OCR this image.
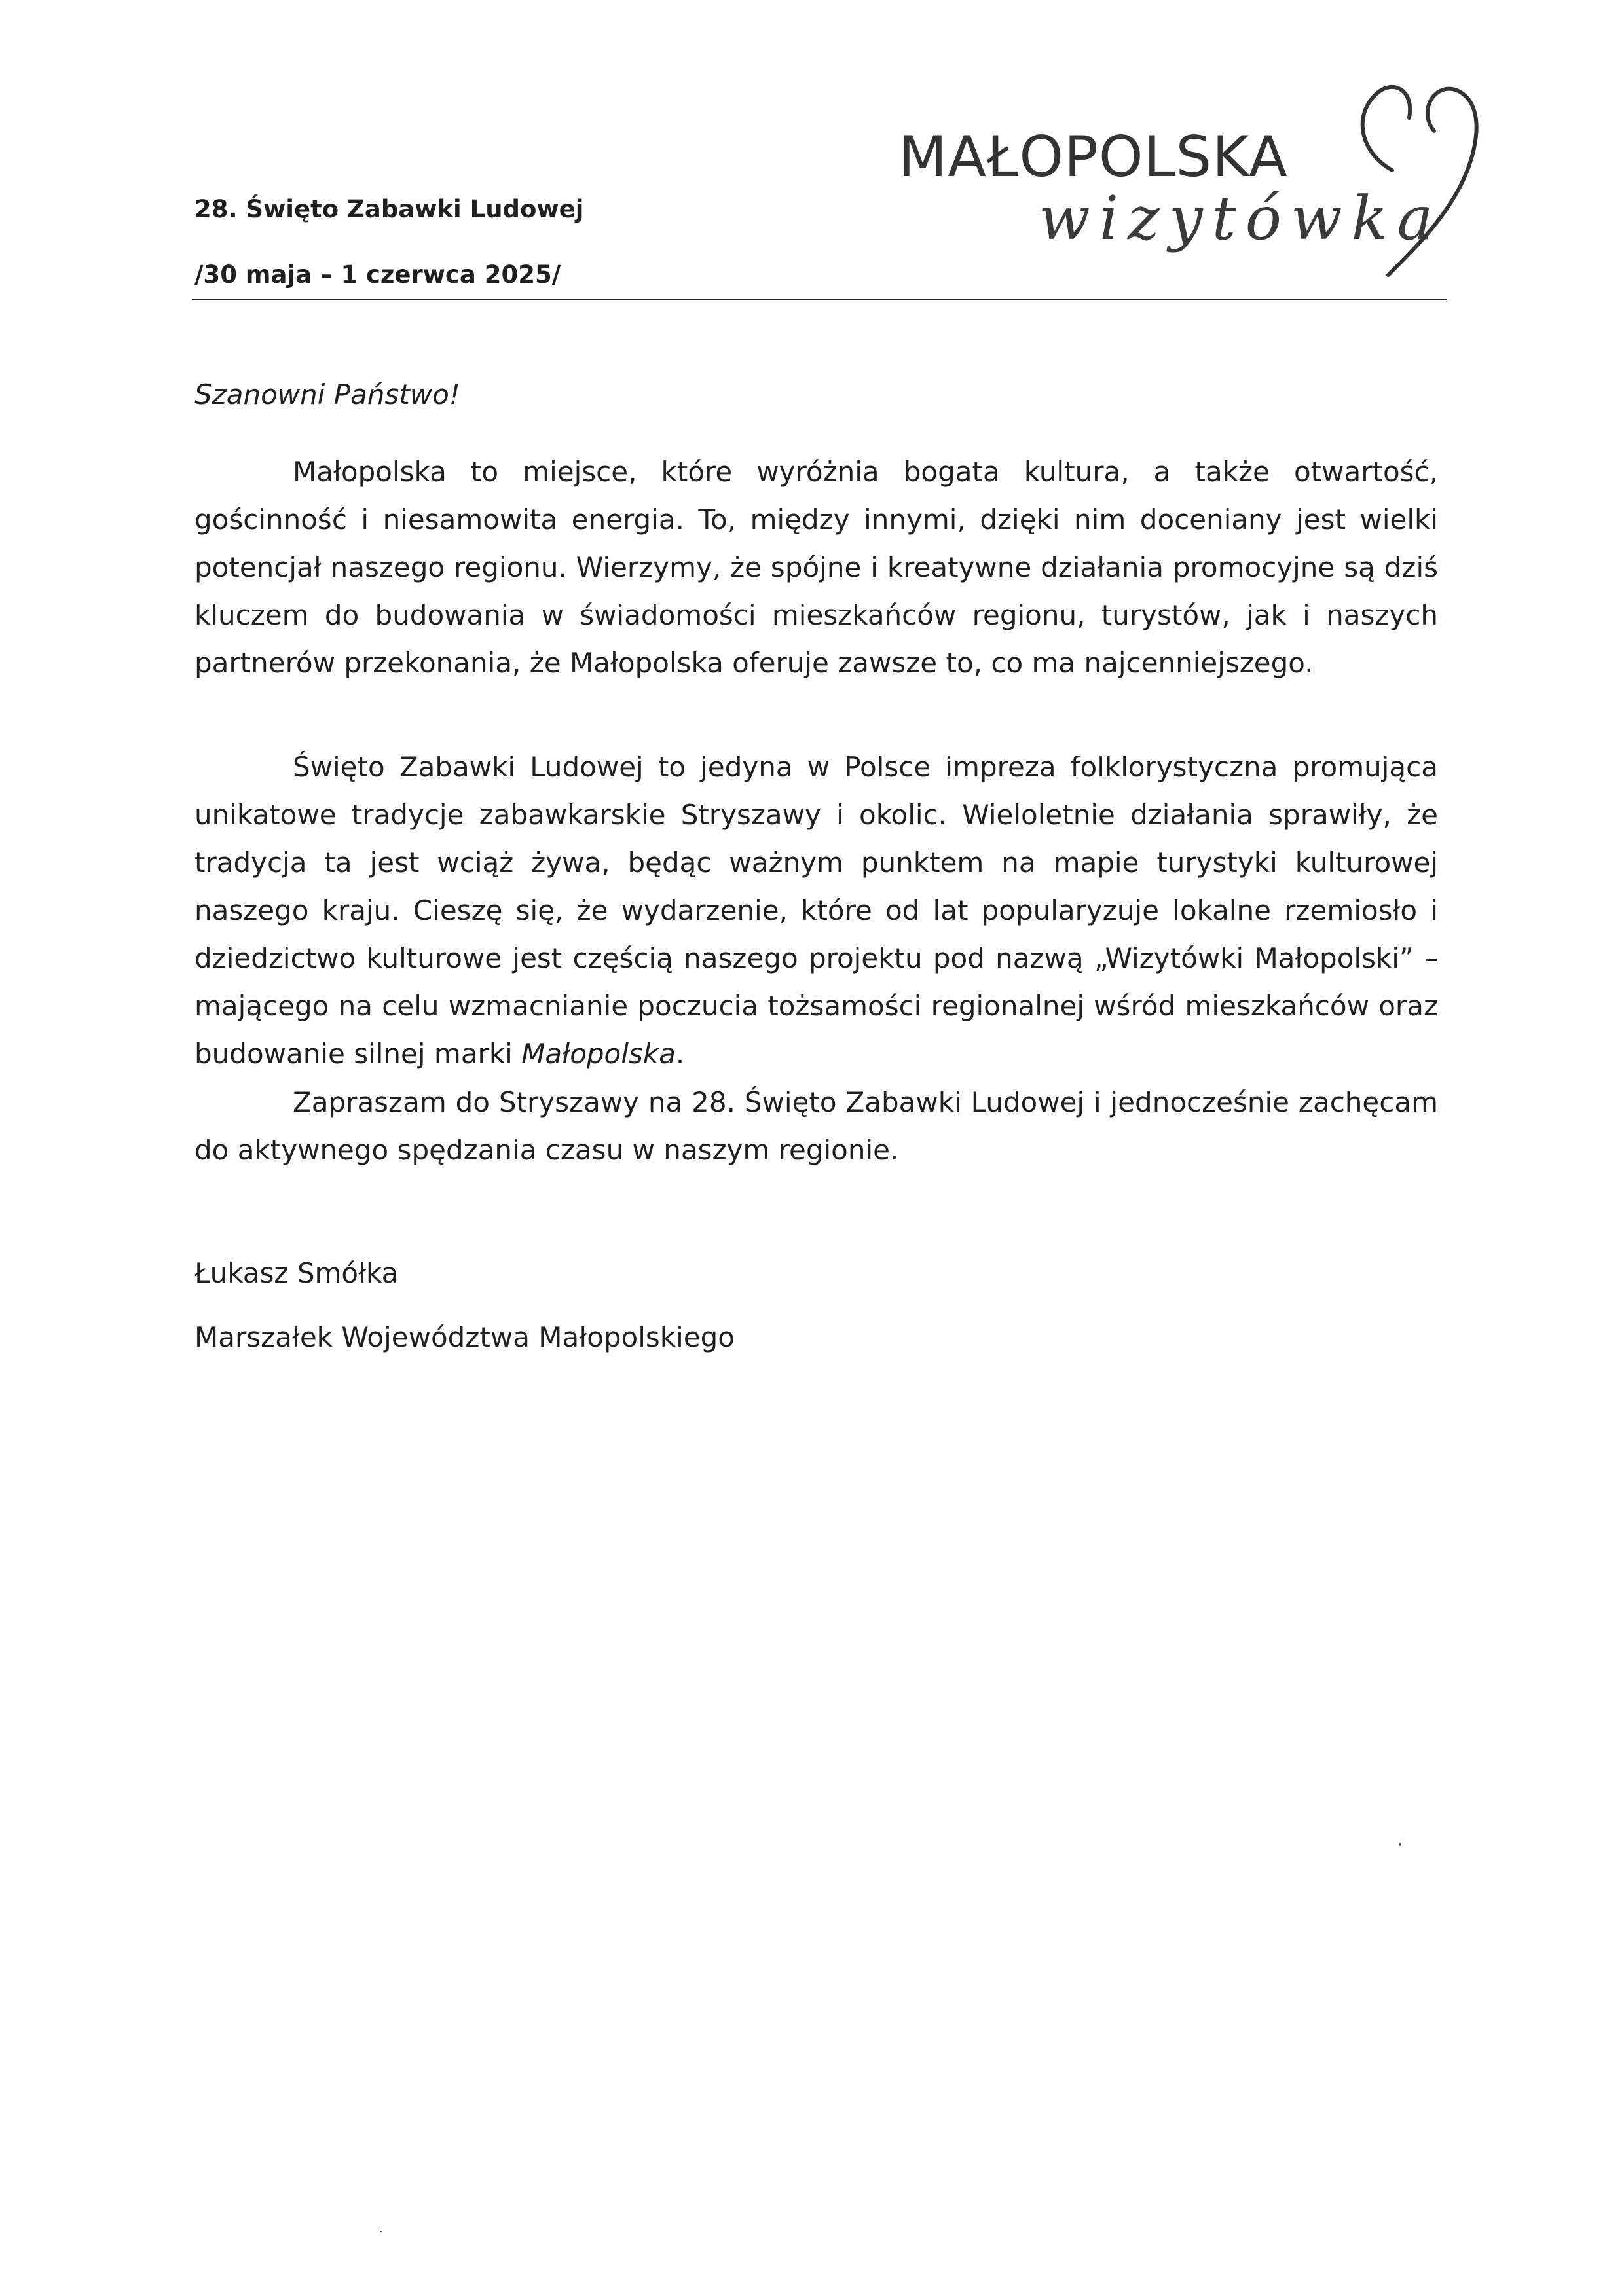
28. Święto Zabawki Ludowej
/30 maja – 1 czerwca 2025/
MAŁOPOLSKA
wizytówka
Szanowni Państwo!

Małopolska to miejsce, które wyróżnia bogata kultura, a także otwartość, gościnność i niesamowita energia. To, między innymi, dzięki nim doceniany jest wielki potencjał naszego regionu. Wierzymy, że spójne i kreatywne działania promocyjne są dziś kluczem do budowania w świadomości mieszkańców regionu, turystów, jak i naszych partnerów przekonania, że Małopolska oferuje zawsze to, co ma najcenniejszego.

Święto Zabawki Ludowej to jedyna w Polsce impreza folklorystyczna promująca unikatowe tradycje zabawkarskie Stryszawy i okolic. Wieloletnie działania sprawiły, że tradycja ta jest wciąż żywa, będąc ważnym punktem na mapie turystyki kulturowej naszego kraju. Cieszę się, że wydarzenie, które od lat popularyzuje lokalne rzemiosło i dziedzictwo kulturowe jest częścią naszego projektu pod nazwą „Wizytówki Małopolski” – mającego na celu wzmacnianie poczucia tożsamości regionalnej wśród mieszkańców oraz budowanie silnej marki Małopolska.

Zapraszam do Stryszawy na 28. Święto Zabawki Ludowej i jednocześnie zachęcam do aktywnego spędzania czasu w naszym regionie.

Łukasz Smółka
Marszałek Województwa Małopolskiego
